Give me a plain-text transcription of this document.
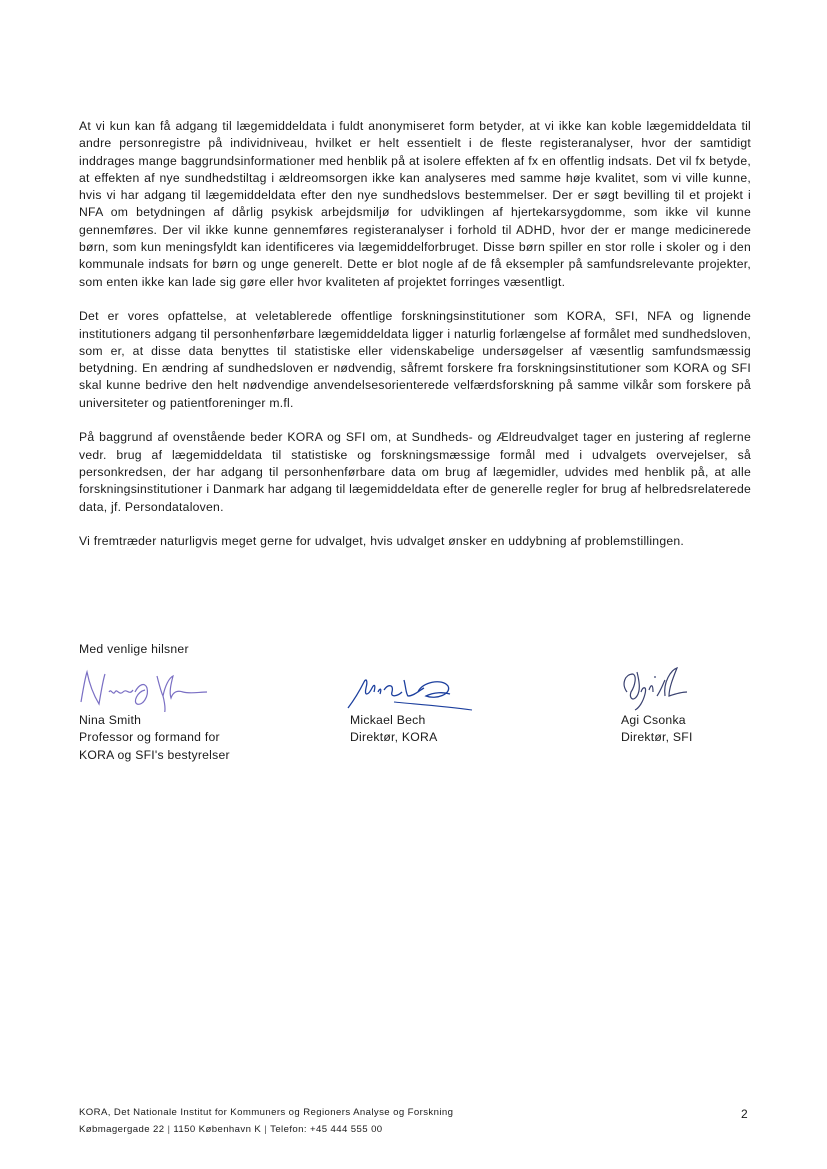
At vi kun kan få adgang til lægemiddeldata i fuldt anonymiseret form betyder, at vi ikke kan koble lægemiddeldata til andre personregistre på individniveau, hvilket er helt essentielt i de fleste registeranalyser, hvor der samtidigt inddrages mange baggrundsinformationer med henblik på at isolere effekten af fx en offentlig indsats. Det vil fx betyde, at effekten af nye sundhedstiltag i ældreomsorgen ikke kan analyseres med samme høje kvalitet, som vi ville kunne, hvis vi har adgang til lægemiddeldata efter den nye sundhedslovs bestemmelser. Der er søgt bevilling til et projekt i NFA om betydningen af dårlig psykisk arbejdsmiljø for udviklingen af hjertekarsygdomme, som ikke vil kunne gennemføres. Der vil ikke kunne gennemføres registeranalyser i forhold til ADHD, hvor der er mange medicinerede børn, som kun meningsfyldt kan identificeres via lægemiddelforbruget. Disse børn spiller en stor rolle i skoler og i den kommunale indsats for børn og unge generelt. Dette er blot nogle af de få eksempler på samfundsrelevante projekter, som enten ikke kan lade sig gøre eller hvor kvaliteten af projektet forringes væsentligt.

Det er vores opfattelse, at veletablerede offentlige forskningsinstitutioner som KORA, SFI, NFA og lignende institutioners adgang til personhenførbare lægemiddeldata ligger i naturlig forlængelse af formålet med sundhedsloven, som er, at disse data benyttes til statistiske eller videnskabelige undersøgelser af væsentlig samfundsmæssig betydning. En ændring af sundhedsloven er nødvendig, såfremt forskere fra forskningsinstitutioner som KORA og SFI skal kunne bedrive den helt nødvendige anvendelsesorienterede velfærdsforskning på samme vilkår som forskere på universiteter og patientforeninger m.fl.

På baggrund af ovenstående beder KORA og SFI om, at Sundheds- og Ældreudvalget tager en justering af reglerne vedr. brug af lægemiddeldata til statistiske og forskningsmæssige formål med i udvalgets overvejelser, så personkredsen, der har adgang til personhenførbare data om brug af lægemidler, udvides med henblik på, at alle forskningsinstitutioner i Danmark har adgang til lægemiddeldata efter de generelle regler for brug af helbredsrelaterede data, jf. Persondataloven.

Vi fremtræder naturligvis meget gerne for udvalget, hvis udvalget ønsker en uddybning af problemstillingen.

Med venlige hilsner
Nina Smith
Professor og formand for
KORA og SFI's bestyrelser
Mickael Bech
Direktør, KORA
Agi Csonka
Direktør, SFI
KORA, Det Nationale Institut for Kommuners og Regioners Analyse og Forskning
Købmagergade 22 | 1150 København K | Telefon: +45 444 555 00
2
